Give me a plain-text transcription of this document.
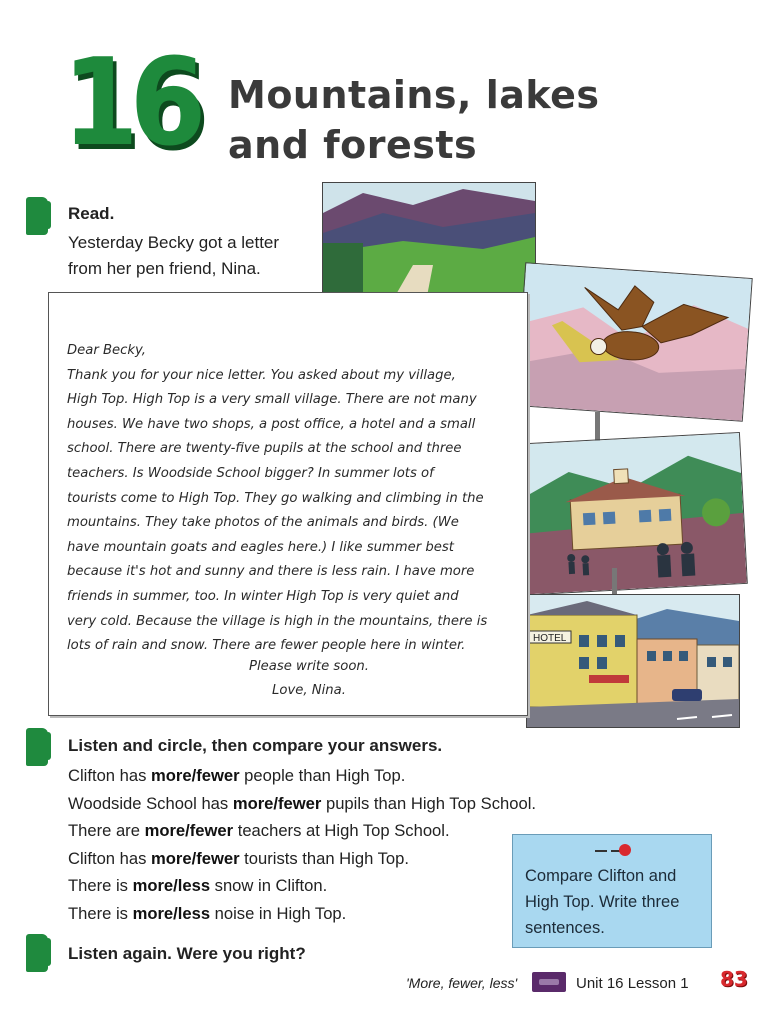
16 Mountains, lakes
and forests
Read.
Yesterday Becky got a letter
from her pen friend, Nina.
HOTEL
Dear Becky,
Thank you for your nice letter. You asked about my village,
High Top. High Top is a very small village. There are not many
houses. We have two shops, a post office, a hotel and a small
school. There are twenty-five pupils at the school and three
teachers. Is Woodside School bigger? In summer lots of
tourists come to High Top. They go walking and climbing in the
mountains. They take photos of the animals and birds. (We
have mountain goats and eagles here.) I like summer best
because it's hot and sunny and there is less rain. I have more
friends in summer, too. In winter High Top is very quiet and
very cold. Because the village is high in the mountains, there is
lots of rain and snow. There are fewer people here in winter.
Please write soon.
Love, Nina.
Listen and circle, then compare your answers.
Clifton has more/fewer people than High Top.
Woodside School has more/fewer pupils than High Top School.
There are more/fewer teachers at High Top School.
Clifton has more/fewer tourists than High Top.
There is more/less snow in Clifton.
There is more/less noise in High Top.
Compare Clifton and
High Top. Write three
sentences.
Listen again. Were you right?
'More, fewer, less'	Unit 16 Lesson 1 83
